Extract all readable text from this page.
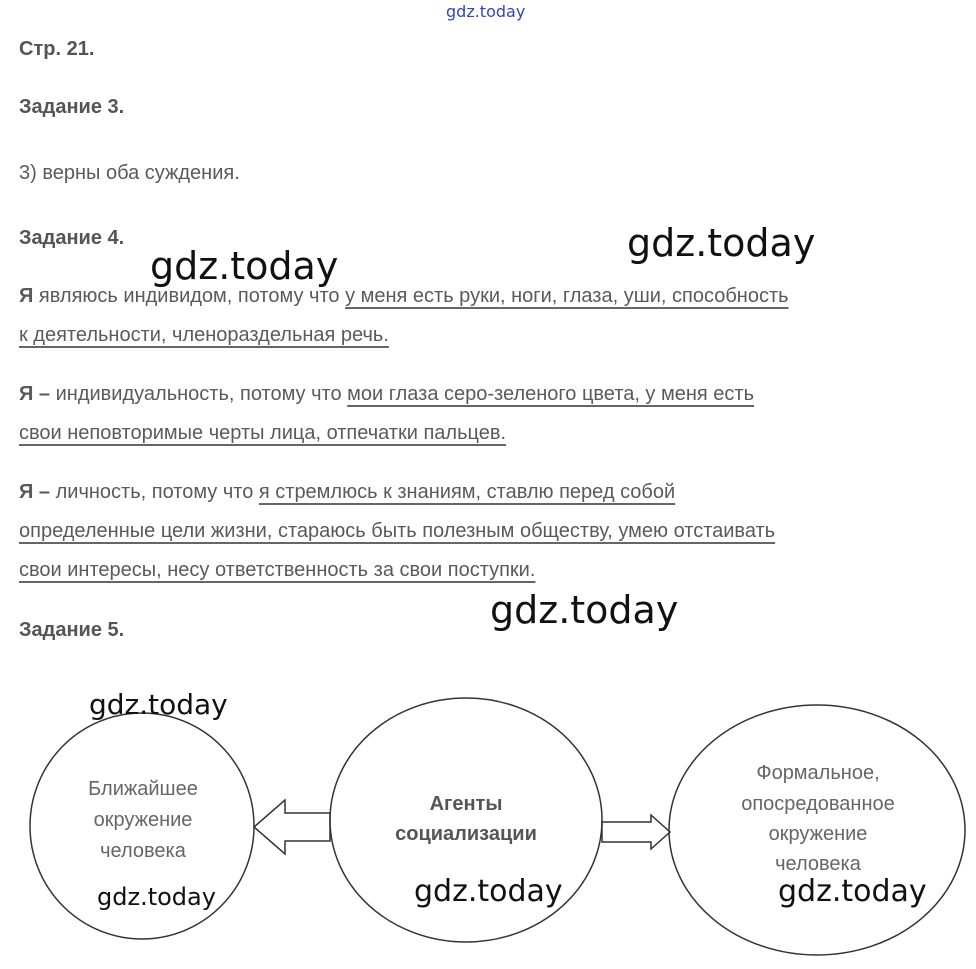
gdz.today
Стр. 21.
Задание 3.
3) верны оба суждения.
Задание 4.
Я являюсь индивидом, потому что у меня есть руки, ноги, глаза, уши, способность
к деятельности, членораздельная речь.
Я – индивидуальность, потому что мои глаза серо-зеленого цвета, у меня есть
свои неповторимые черты лица, отпечатки пальцев.
Я – личность, потому что я стремлюсь к знаниям, ставлю перед собой
определенные цели жизни, стараюсь быть полезным обществу, умею отстаивать
свои интересы, несу ответственность за свои поступки.
Задание 5.
Ближайшее
окружение
человека
Агенты
социализации
Формальное,
опосредованное
окружение
человека
gdz.today
gdz.today
gdz.today
gdz.today
gdz.today	gdz.today	gdz.today
